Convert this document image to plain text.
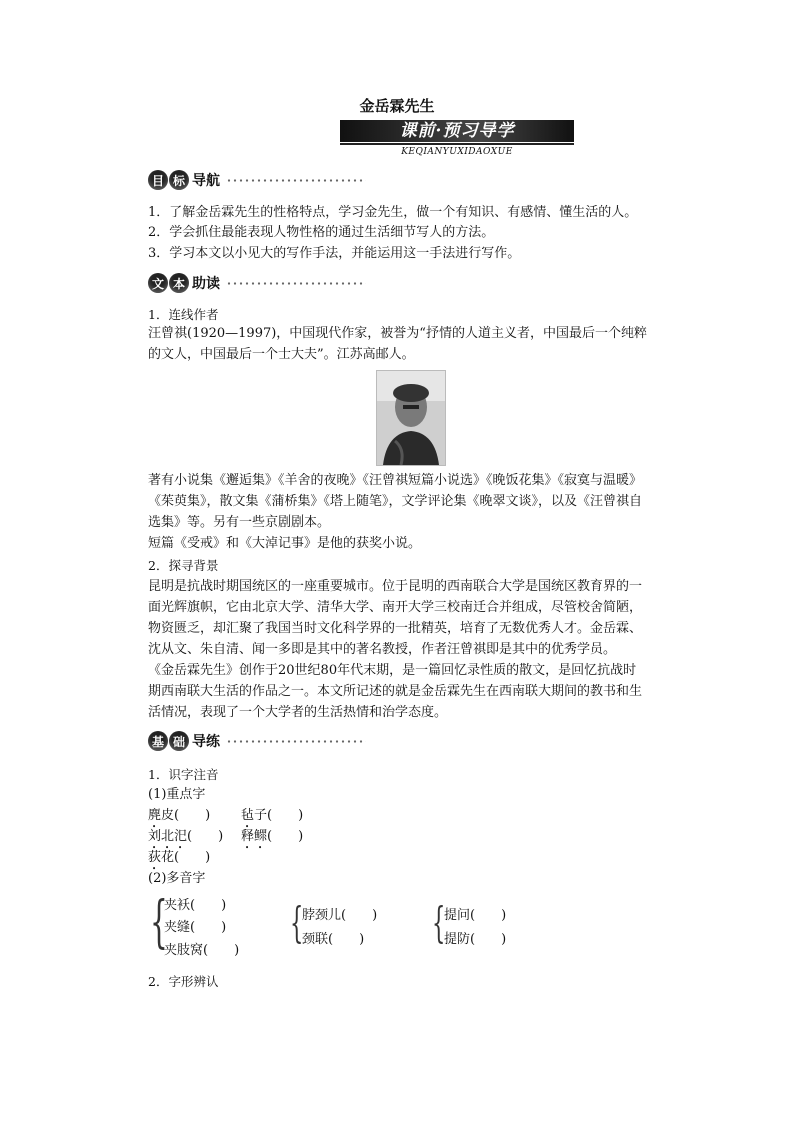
金岳霖先生
课前·预习导学
KEQIANYUXIDAOXUE
目 标 导航
1．了解金岳霖先生的性格特点，学习金先生，做一个有知识、有感情、懂生活的人。
2．学会抓住最能表现人物性格的通过生活细节写人的方法。
3．学习本文以小见大的写作手法，并能运用这一手法进行写作。
文 本 助读
1．连线作者
汪曾祺(1920—1997)，中国现代作家，被誉为“抒情的人道主义者，中国最后一个纯粹的文人，中国最后一个士大夫”。江苏高邮人。
著有小说集《邂逅集》《羊舍的夜晚》《汪曾祺短篇小说选》《晚饭花集》《寂寞与温暖》《茱萸集》，散文集《蒲桥集》《塔上随笔》，文学评论集《晚翠文谈》，以及《汪曾祺自选集》等。另有一些京剧剧本。
短篇《受戒》和《大淖记事》是他的获奖小说。
2．探寻背景
昆明是抗战时期国统区的一座重要城市。位于昆明的西南联合大学是国统区教育界的一面光辉旗帜，它由北京大学、清华大学、南开大学三校南迁合并组成，尽管校舍简陋，物资匮乏，却汇聚了我国当时文化科学界的一批精英，培育了无数优秀人才。金岳霖、沈从文、朱自清、闻一多即是其中的著名教授，作者汪曾祺即是其中的优秀学员。
《金岳霖先生》创作于20世纪80年代末期，是一篇回忆录性质的散文，是回忆抗战时期西南联大生活的作品之一。本文所记述的就是金岳霖先生在西南联大期间的教书和生活情况，表现了一个大学者的生活热情和治学态度。
基 础 导练
1．识字注音
(1)重点字
麂皮(　　)	毡子(　　)
刘北汜(　　)	释鳏(　　)
荻花(　　)
(2)多音字
{
夹袄(　　)
夹缝(　　)
夹肢窝(　　)
{
脖颈儿(　　)
颈联(　　)	{
提问(　　)
提防(　　)
2．字形辨认
